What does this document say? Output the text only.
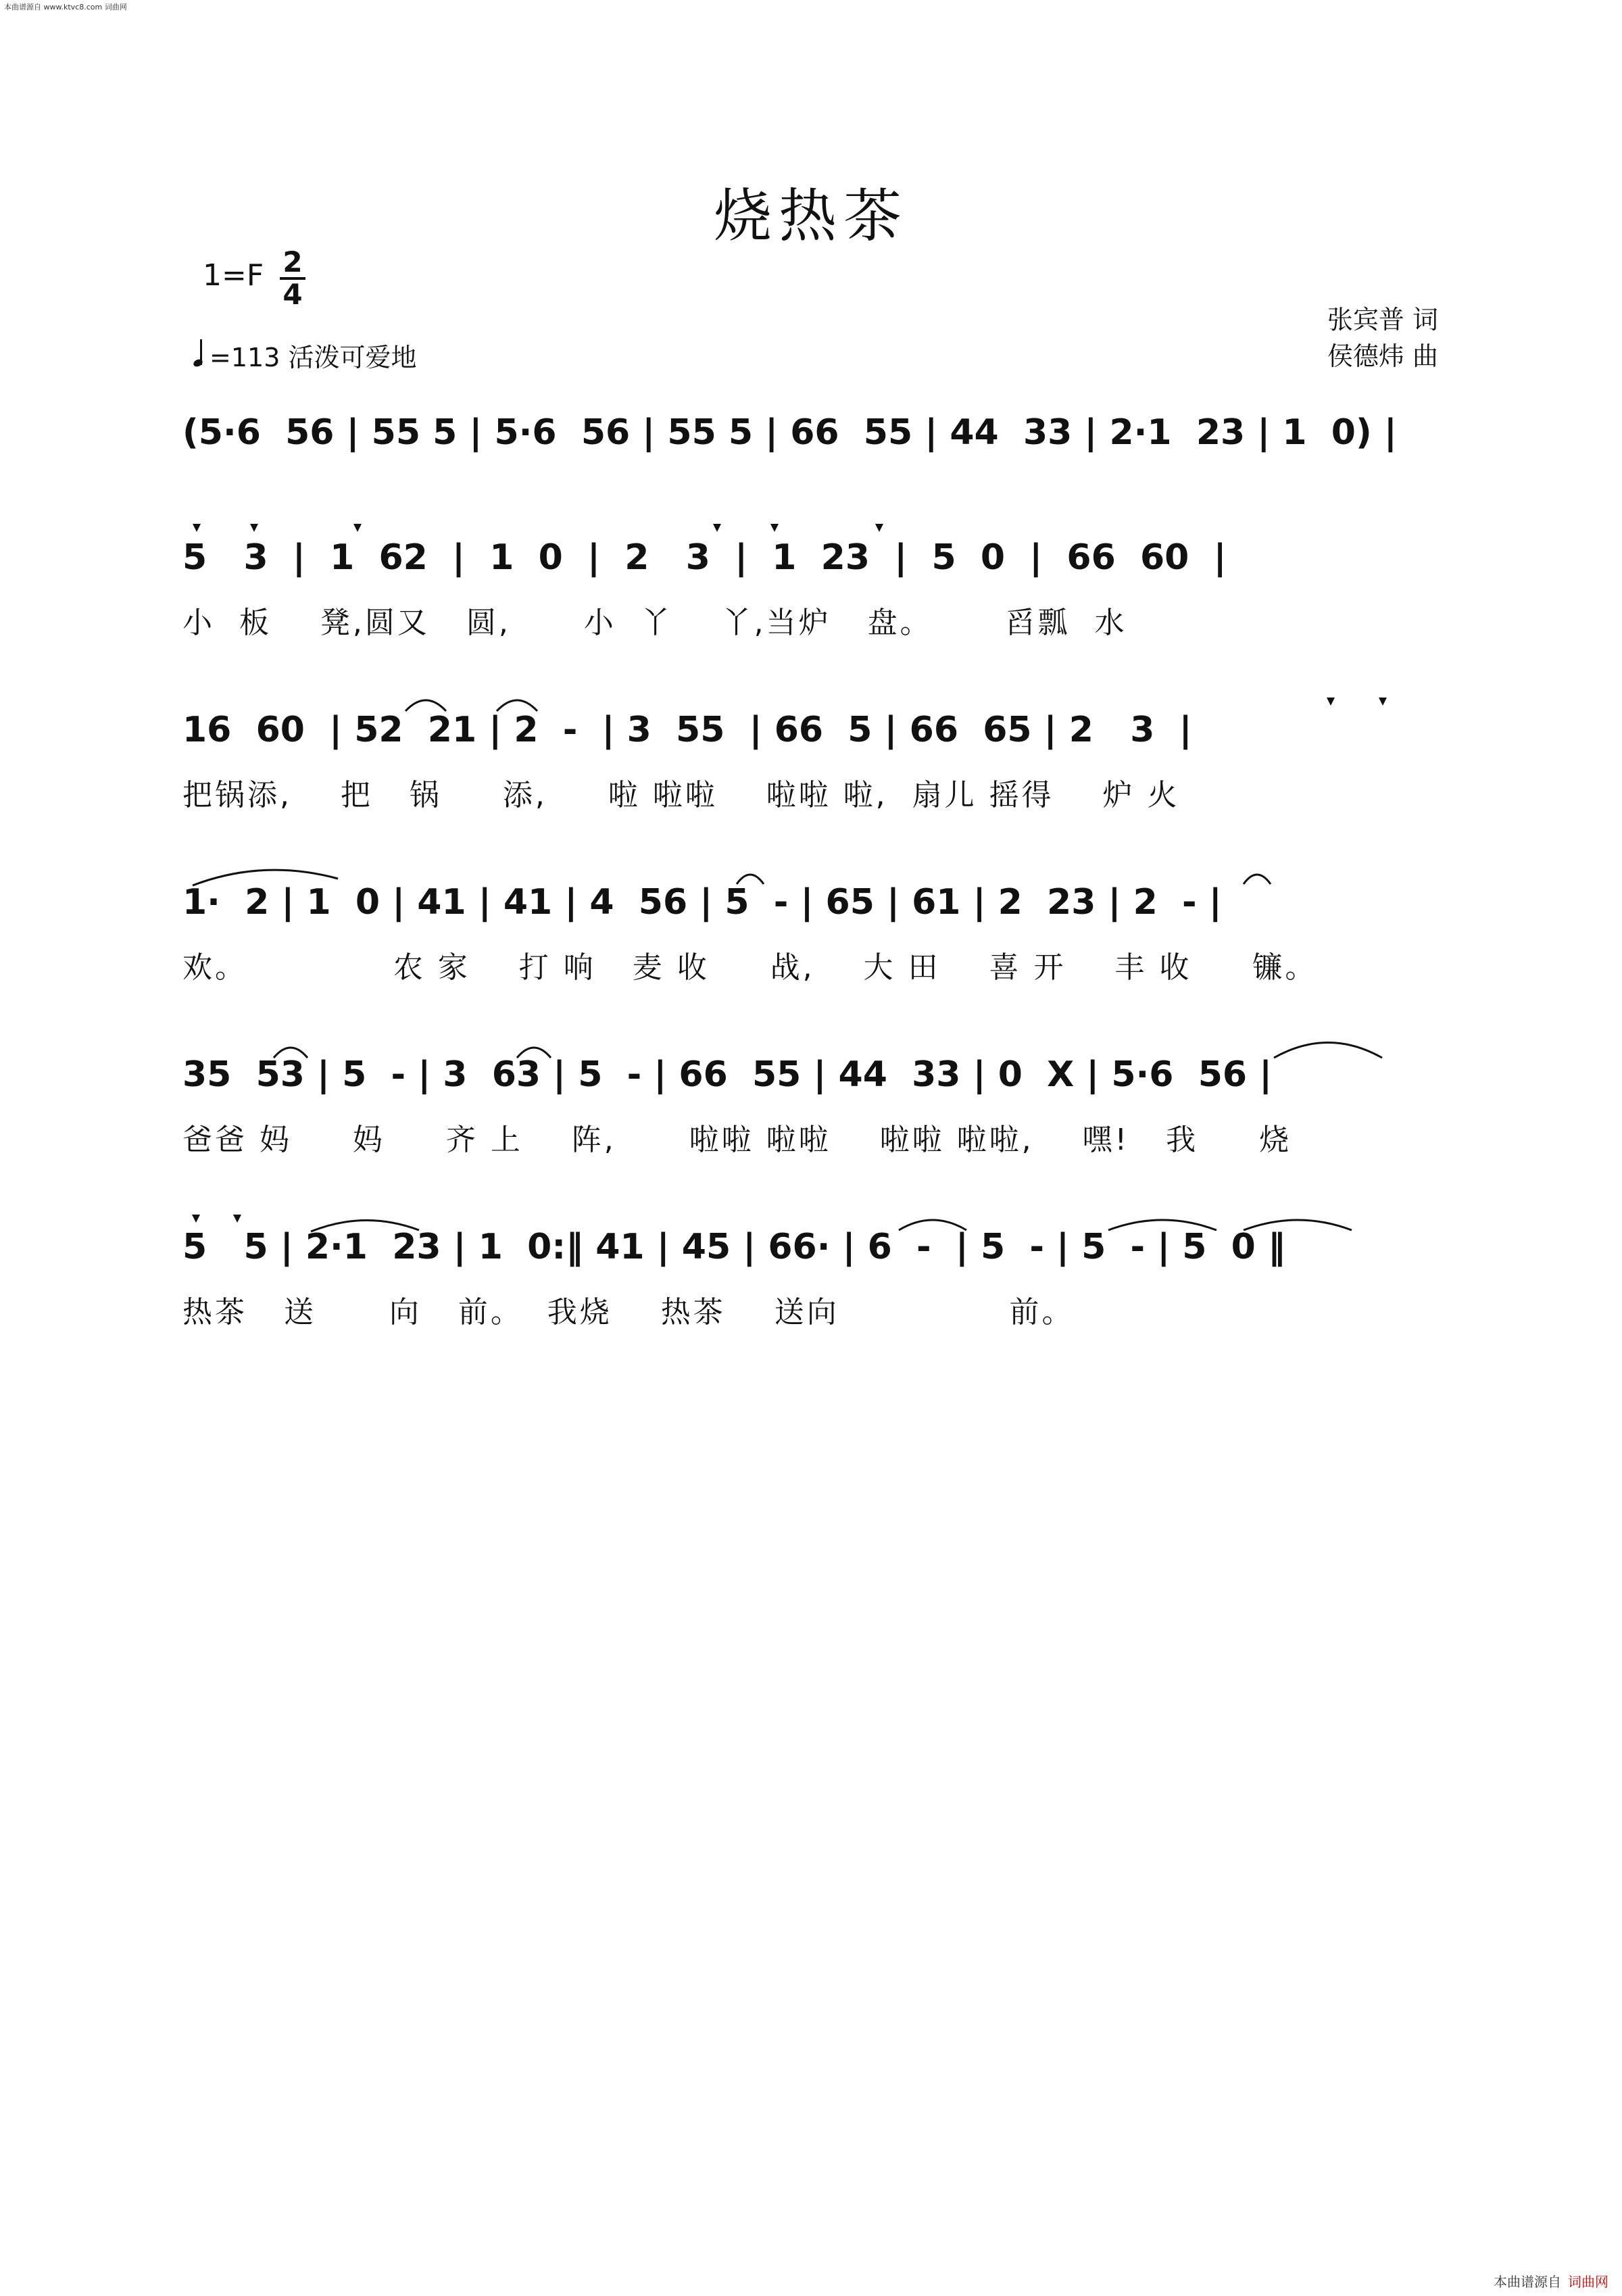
本曲谱源自 www.ktvc8.com 词曲网
烧热茶
$1=F \frac{2}{4}$
=113 活泼可爱地
张宾普 词
侯德炜 曲
(5·6  56 | 55 5 | 5·6  56 | 55 5 | 66  55 | 44  33 | 2·1  23 | 1  0) |
5   3  |  1  62  |  1  0  |  2   3  |  1  23  |  5  0  |  66  60  |
小  板    凳,圆又   圆,      小  丫    丫,当炉   盘。      舀瓢  水
16  60  | 52  21 | 2  -  | 3  55  | 66  5 | 66  65 | 2   3  |
把锅添,    把   锅     添,     啦 啦啦    啦啦 啦,  扇儿 摇得    炉 火
1·  2 | 1  0 | 41 | 41 | 4  56 | 5  - | 65 | 61 | 2  23 | 2  - |
欢。            农 家    打 响   麦 收     战,    大 田    喜 开    丰 收     镰。
35  53 | 5  - | 3  63 | 5  - | 66  55 | 44  33 | 0  X | 5·6  56 |
爸爸 妈     妈     齐 上    阵,      啦啦 啦啦    啦啦 啦啦,    嘿!   我     烧
5   5 | 2·1  23 | 1  0:‖ 41 | 45 | 66· | 6  -  | 5  - | 5  - | 5  0 ‖
热茶   送      向   前。  我烧    热茶    送向              前。
本曲谱源自 词曲网
